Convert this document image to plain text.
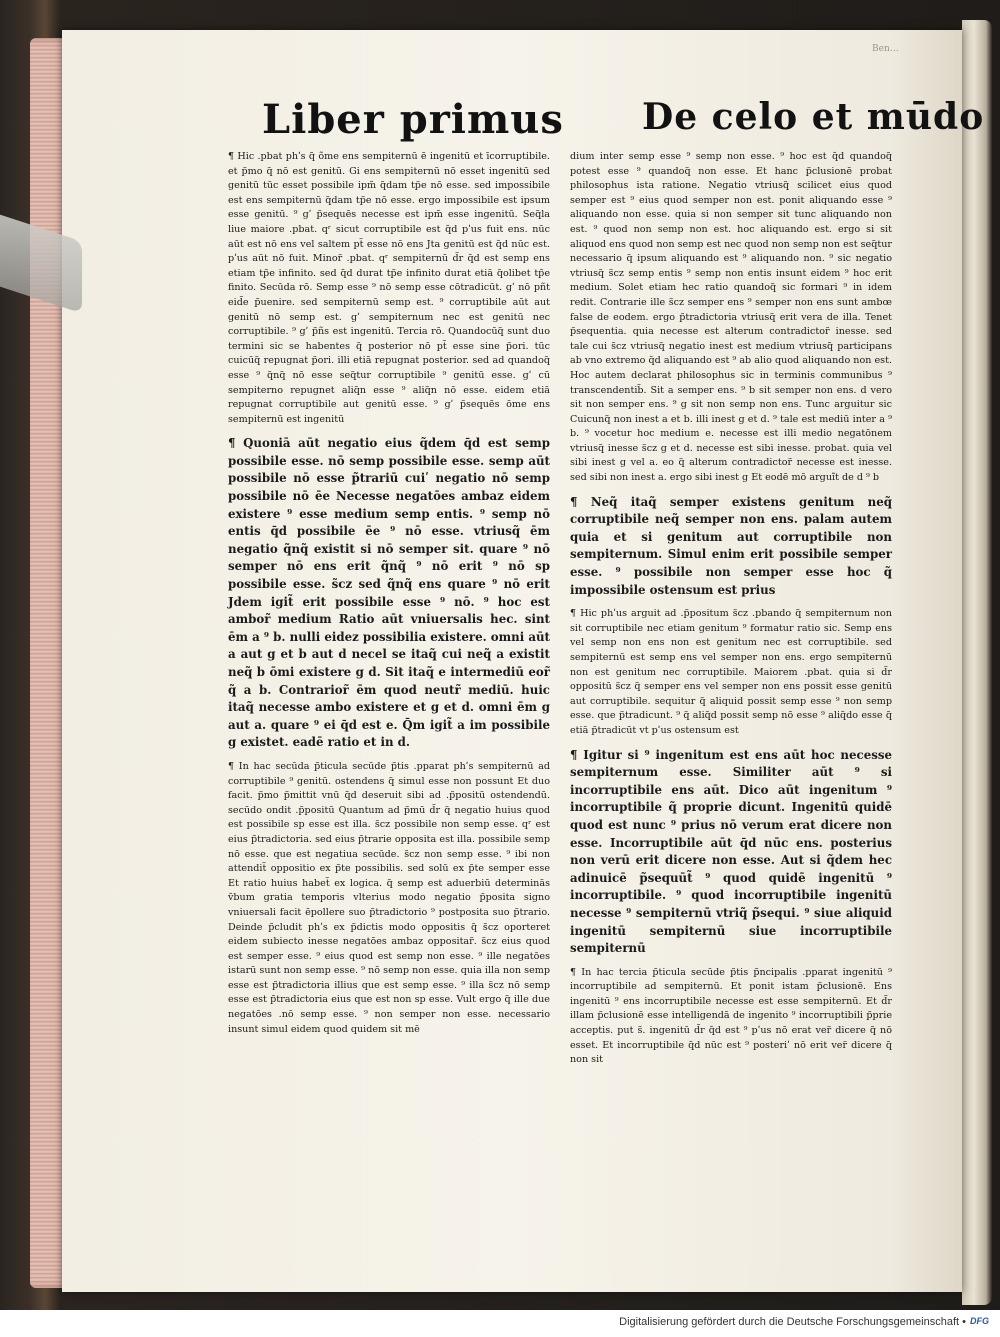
Ben…
Liber primus De celo et mūdo

¶ Hic .pbat phʹs q̃ õme ens sempiternū ē ingenitū et īcorruptibile. et p̃mo q̃ nō est genitū. Gi ens sempiternū nō esset ingenitū sed genitū tūc esset possibile ipm̄ q̃dam tp̃e nō esse. sed impossibile est ens sempiternū q̃dam tp̃e nō esse. ergo impossibile est ipsum esse genitū. ⁹ gʹ p̃sequēs necesse est ipm̄ esse ingenitū. Seq̃la liue maiore .pbat. qʳ sicut corruptibile est q̄d pʹus fuit ens. nūc aūt est nō ens vel saltem pt̃ esse nō ens Jta genitū est q̄d nūc est. pʹus aūt nō fuit. Minor̃ .pbat. qʳ sempiternū d̃r q̄d est semp ens etiam tp̃e infinito. sed q̄d durat tp̃e infinito durat etiā q̃olibet tp̃e finito. Secūda rō. Semp esse ⁹ nō semp esse cōtradicūt. gʹ nō pñt eid̃e p̃uenire. sed sempiternū semp est. ⁹ corruptibile aūt aut genitū nō semp est. gʹ sempiternum nec est genitū nec corruptibile. ⁹ gʹ p̃ñs est ingenitū. Tercia rō. Quandocūq̃ sunt duo termini sic se habentes q̃ posterior nō pt̃ esse sine p̃ori. tūc cuicūq̃ repugnat p̃ori. illi etiā repugnat posterior. sed ad quandoq̃ esse ⁹ q̃nq̃ nō esse seq̃tur corruptibile ⁹ genitū esse. gʹ cū sempiterno repugnet aliq̃n esse ⁹ aliq̃n nō esse. eidem etiā repugnat corruptibile aut genitū esse. ⁹ gʹ p̃sequēs ōme ens sempiternū est ingenitū

¶ Quoniā aūt negatio eius q̃dem q̄d est semp possibile esse. nō semp possibile esse. semp aūt possibile nō esse p̃trariū cuiʹ negatio nō semp possibile nō ēe Necesse negatōes ambaz eidem existere ⁹ esse medium semp entis. ⁹ semp nō entis q̄d possibile ēe ⁹ nō esse. vtriusq̃ ēm negatio q̃nq̃ existit si nō semper sit. quare ⁹ nō semper nō ens erit q̃nq̃ ⁹ nō erit ⁹ nō sp possibile esse. s̃cz sed q̃nq̃ ens quare ⁹ nō erit Jdem igit̃ erit possibile esse ⁹ nō. ⁹ hoc est ambor̃ medium Ratio aūt vniuersalis hec. sint ēm a ⁹ b. nulli eidez possibilia existere. omni aūt a aut g et b aut d necel se itaq̃ cui neq̃ a existit neq̃ b ōmi existere g d. Sit itaq̃ e intermediū eor̃ q̃ a b. Contrarior̃ ēm quod neutr̃ mediū. huic itaq̃ necesse ambo existere et g et d. omni ēm g aut a. quare ⁹ ei q̄d est e. Q̄m igit̃ a im possibile g existet. eadē ratio et in d.

¶ In hac secūda p̃ticula secūde p̃tis .pparat phʹs sempiternū ad corruptibile ⁹ genitū. ostendens q̃ simul esse non possunt Et duo facit. p̃mo p̃mittit vnū q̄d deseruit sibi ad .p̃positū ostendendū. secūdo ondit .p̃positū Quantum ad p̃mū d̃r q̃ negatio huius quod est possibile sp esse est illa. s̃cz possibile non semp esse. qʳ est eius p̃tradictoria. sed eius p̃trarie opposita est illa. possibile semp nō esse. que est negatiua secūde. s̃cz non semp esse. ⁹ ibi non attendit̃ oppositio ex p̃te possibilis. sed solū ex p̃te semper esse Et ratio huius habet̃ ex logica. q̃ semp est aduerbiū determinās v̄bum gratia temporis vlterius modo negatio p̃posita signo vniuersali facit ēpollere suo p̃tradictorio ⁹ postposita suo p̃trario. Deinde p̃cludit phʹs ex p̃dictis modo oppositis q̃ s̃cz oporteret eidem subiecto inesse negatōes ambaz oppositar̃. s̃cz eius quod est semper esse. ⁹ eius quod est semp non esse. ⁹ ille negatōes istarū sunt non semp esse. ⁹ nō semp non esse. quia illa non semp esse est p̃tradictoria illius que est semp esse. ⁹ illa s̃cz nō semp esse est p̃tradictoria eius que est non sp esse. Vult ergo q̃ ille due negatōes .nō semp esse. ⁹ non semper non esse. necessario insunt simul eidem quod quidem sit mē

dium inter semp esse ⁹ semp non esse. ⁹ hoc est q̄d quandoq̃ potest esse ⁹ quandoq̃ non esse. Et hanc p̃clusionē probat philosophus ista ratione. Negatio vtriusq̃ scilicet eius quod semper est ⁹ eius quod semper non est. ponit aliquando esse ⁹ aliquando non esse. quia si non semper sit tunc aliquando non est. ⁹ quod non semp non est. hoc aliquando est. ergo si sit aliquod ens quod non semp est nec quod non semp non est seq̃tur necessario q̃ ipsum aliquando est ⁹ aliquando non. ⁹ sic negatio vtriusq̃ s̃cz semp entis ⁹ semp non entis insunt eidem ⁹ hoc erit medium. Solet etiam hec ratio quandoq̃ sic formari ⁹ in idem redit. Contrarie ille s̃cz semper ens ⁹ semper non ens sunt ambœ false de eodem. ergo p̃tradictoria vtriusq̃ erit vera de illa. Tenet p̃sequentia. quia necesse est alterum contradictor̃ inesse. sed tale cui s̃cz vtriusq̃ negatio inest est medium vtriusq̃ participans ab vno extremo q̄d aliquando est ⁹ ab alio quod aliquando non est. Hoc autem declarat philosophus sic in terminis communibus ⁹ transcendentib̃. Sit a semper ens. ⁹ b sit semper non ens. d vero sit non semper ens. ⁹ g sit non semp non ens. Tunc arguitur sic Cuicunq̃ non inest a et b. illi inest g et d. ⁹ tale est mediū inter a ⁹ b. ⁹ vocetur hoc medium e. necesse est illi medio negatōnem vtriusq̃ inesse s̃cz g et d. necesse est sibi inesse. probat. quia vel sibi inest g vel a. eo q̃ alterum contradictor̃ necesse est inesse. sed sibi non inest a. ergo sibi inest g Et eodē mō arguĩt de d ⁹ b

¶ Neq̃ itaq̃ semper existens genitum neq̃ corruptibile neq̃ semper non ens. palam autem quia et si genitum aut corruptibile non sempiternum. Simul enim erit possibile semper esse. ⁹ possibile non semper esse hoc q̃ impossibile ostensum est prius

¶ Hic phʹus arguit ad .p̃positum s̃cz .pbando q̃ sempiternum non sit corruptibile nec etiam genitum ⁹ formatur ratio sic. Semp ens vel semp non ens non est genitum nec est corruptibile. sed sempiternū est semp ens vel semper non ens. ergo sempiternū non est genitum nec corruptibile. Maiorem .pbat. quia si d̃r oppositū s̃cz q̃ semper ens vel semper non ens possit esse genitū aut corruptibile. sequitur q̃ aliquid possit semp esse ⁹ non semp esse. que p̃tradicunt. ⁹ q̃ aliq̃d possit semp nō esse ⁹ aliq̄do esse q̃ etiā p̃tradicūt vt pʹus ostensum est

¶ Igitur si ⁹ ingenitum est ens aūt hoc necesse sempiternum esse. Similiter aūt ⁹ si incorruptibile ens aūt. Dico aūt ingenitum ⁹ incorruptibile q̃ proprie dicunt. Ingenitū quidē quod est nunc ⁹ prius nō verum erat dicere non esse. Incorruptibile aūt q̄d nūc ens. posterius non verū erit dicere non esse. Aut si q̃dem hec adinuicē p̃sequūt̃ ⁹ quod quidē ingenitū ⁹ incorruptibile. ⁹ quod incorruptibile ingenitū necesse ⁹ sempiternū vtriq̃ p̃sequi. ⁹ siue aliquid ingenitū sempiternū siue incorruptibile sempiternū

¶ In hac tercia p̃ticula secūde p̃tis p̃ncipalis .pparat ingenitū ⁹ incorruptibile ad sempiternū. Et ponit istam p̃clusionē. Ens ingenitū ⁹ ens incorruptibile necesse est esse sempiternū. Et d̃r illam p̃clusionē esse intelligendā de ingenito ⁹ incorruptibili p̃prie acceptis. put s̃. ingenitū d̃r q̄d est ⁹ pʹus nō erat ver̃ dicere q̃ nō esset. Et incorruptibile q̄d nūc est ⁹ posteriʹ nō erit ver̃ dicere q̃ non sit

Digitalisierung gefördert durch die Deutsche Forschungsgemeinschaft • DFG
